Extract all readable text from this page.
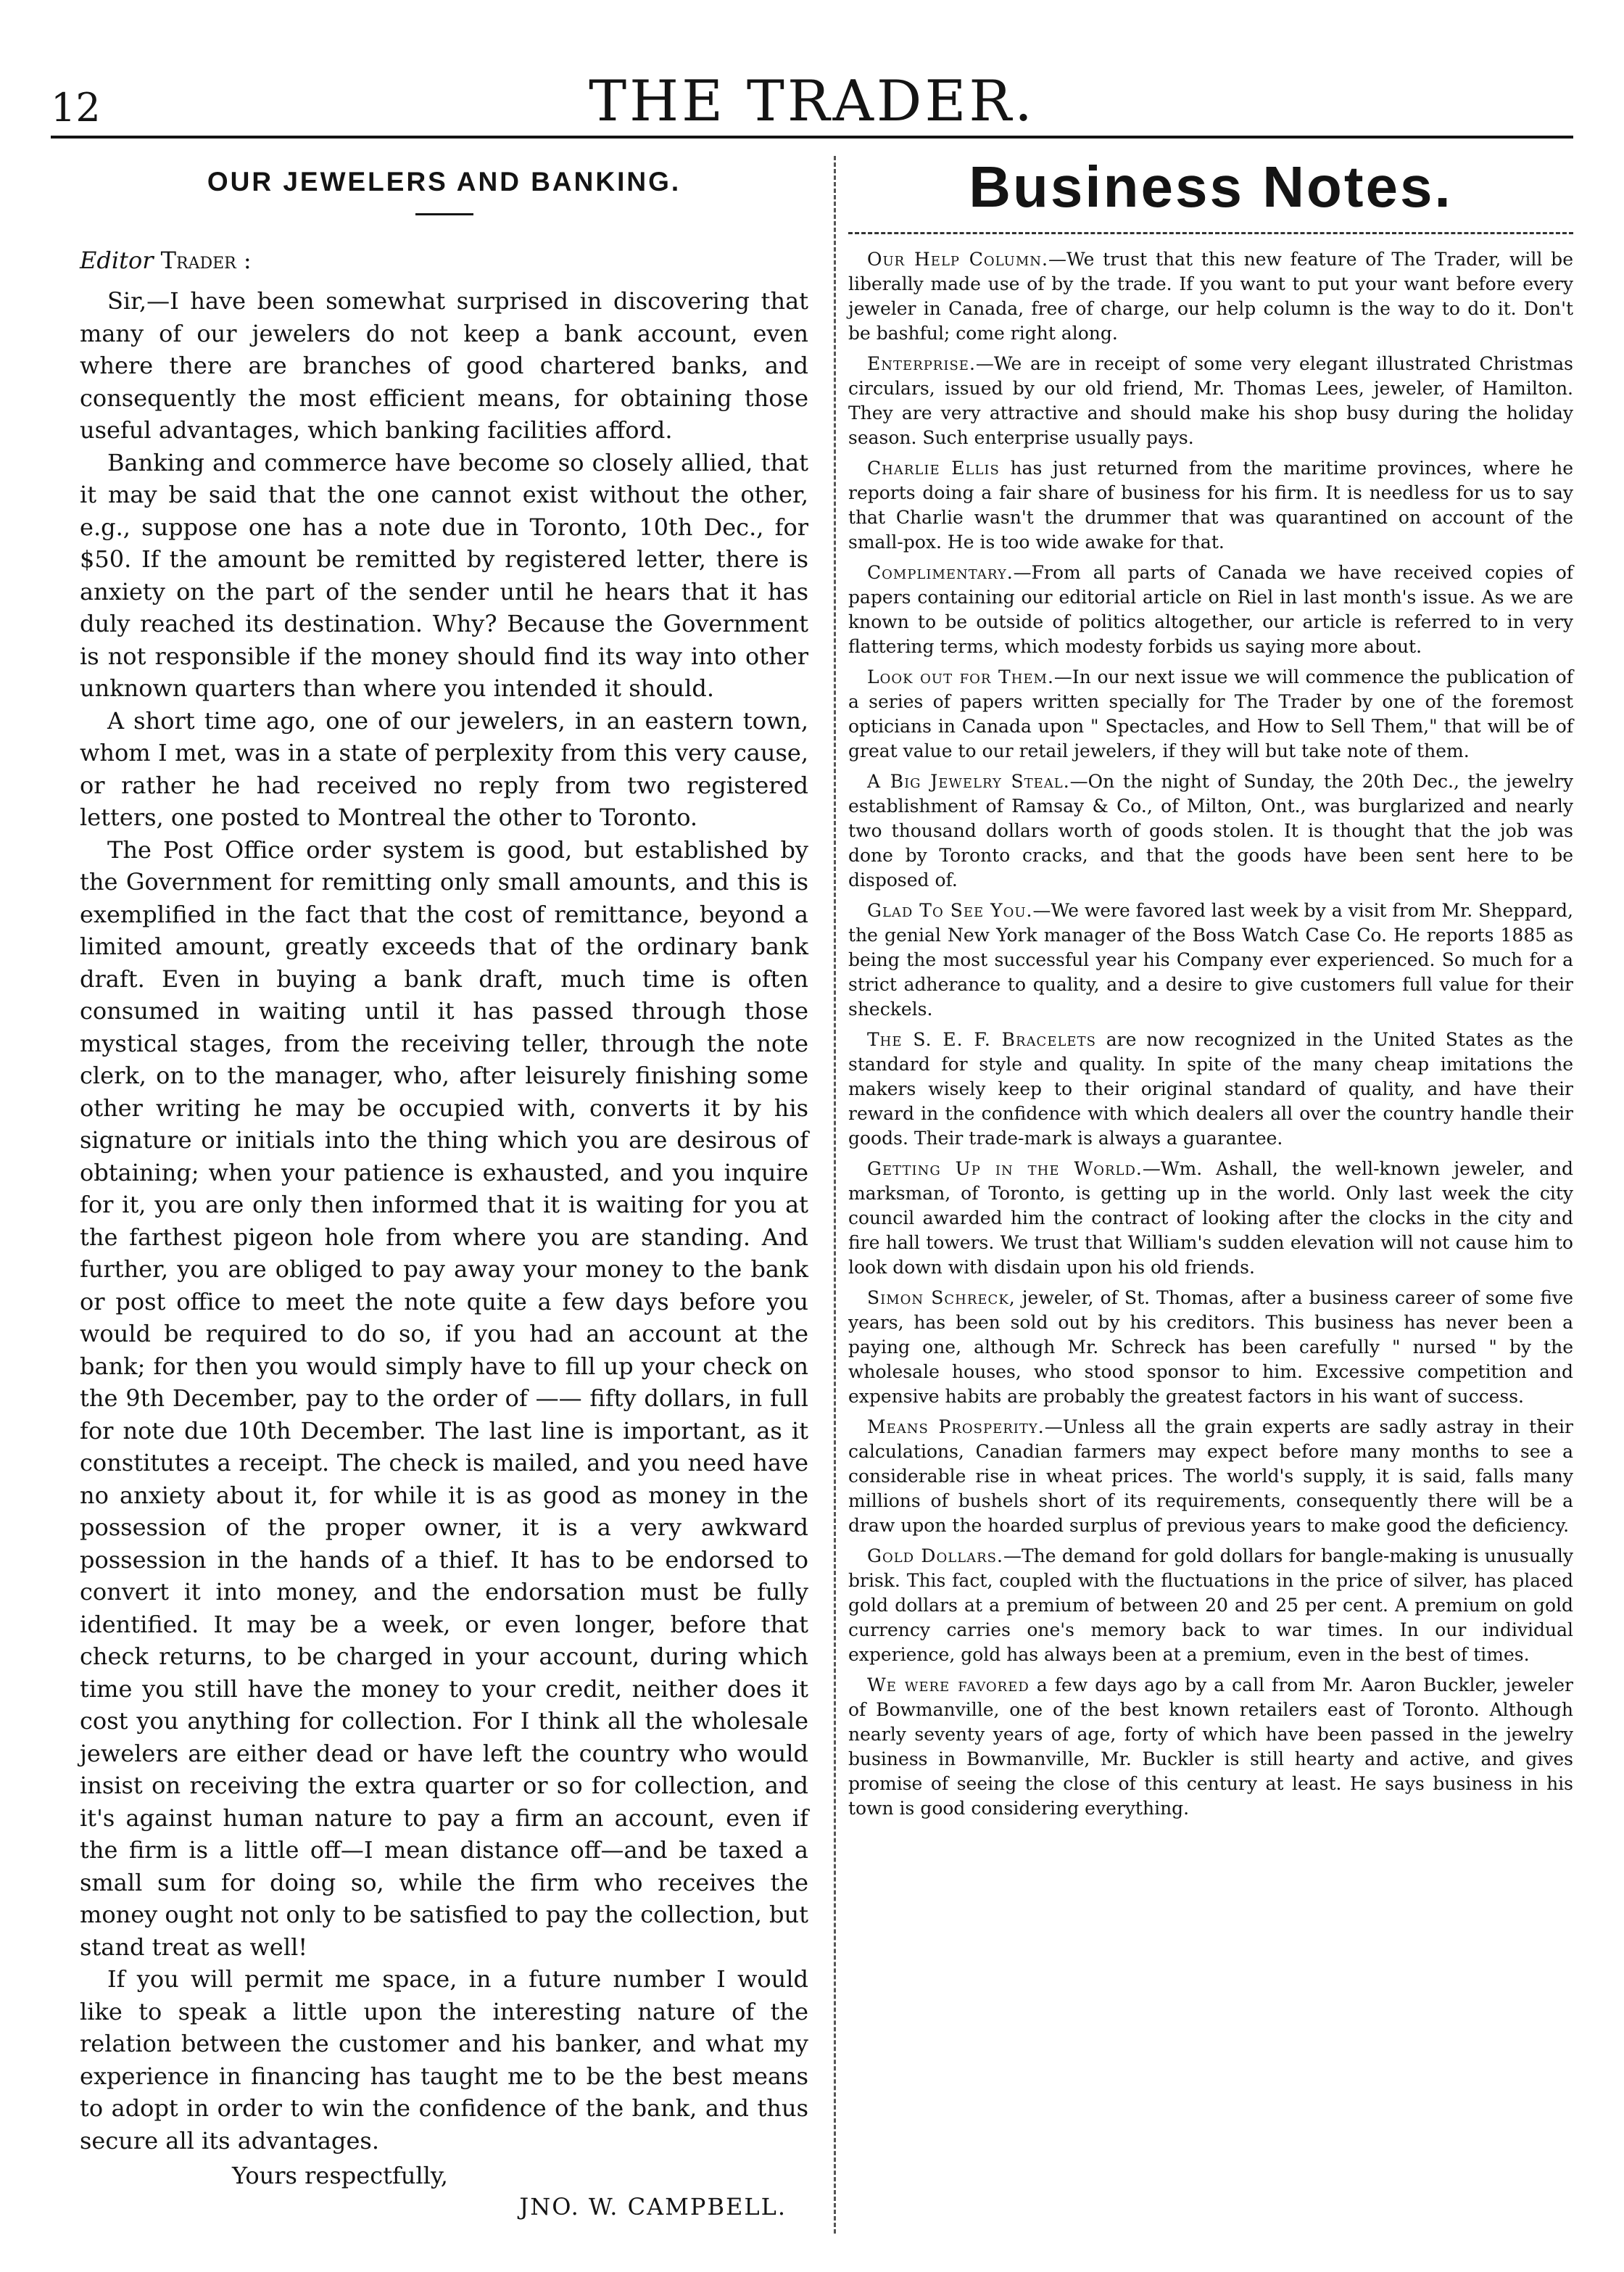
12	THE TRADER.
OUR JEWELERS AND BANKING.
Editor Trader :

Sir,—I have been somewhat surprised in discovering that many of our jewelers do not keep a bank account, even where there are branches of good chartered banks, and consequently the most efficient means, for obtaining those useful advantages, which banking facilities afford.

Banking and commerce have become so closely allied, that it may be said that the one cannot exist without the other, e.g., suppose one has a note due in Toronto, 10th Dec., for $50. If the amount be remitted by registered letter, there is anxiety on the part of the sender until he hears that it has duly reached its destination. Why? Because the Government is not responsible if the money should find its way into other unknown quarters than where you intended it should.

A short time ago, one of our jewelers, in an eastern town, whom I met, was in a state of perplexity from this very cause, or rather he had received no reply from two registered letters, one posted to Montreal the other to Toronto.

The Post Office order system is good, but established by the Government for remitting only small amounts, and this is exemplified in the fact that the cost of remittance, beyond a limited amount, greatly exceeds that of the ordinary bank draft. Even in buying a bank draft, much time is often consumed in waiting until it has passed through those mystical stages, from the receiving teller, through the note clerk, on to the manager, who, after leisurely finishing some other writing he may be occupied with, converts it by his signature or initials into the thing which you are desirous of obtaining; when your patience is exhausted, and you inquire for it, you are only then informed that it is waiting for you at the farthest pigeon hole from where you are standing. And further, you are obliged to pay away your money to the bank or post office to meet the note quite a few days before you would be required to do so, if you had an account at the bank; for then you would simply have to fill up your check on the 9th December, pay to the order of —— fifty dollars, in full for note due 10th December. The last line is important, as it constitutes a receipt. The check is mailed, and you need have no anxiety about it, for while it is as good as money in the possession of the proper owner, it is a very awkward possession in the hands of a thief. It has to be endorsed to convert it into money, and the endorsation must be fully identified. It may be a week, or even longer, before that check returns, to be charged in your account, during which time you still have the money to your credit, neither does it cost you anything for collection. For I think all the wholesale jewelers are either dead or have left the country who would insist on receiving the extra quarter or so for collection, and it's against human nature to pay a firm an account, even if the firm is a little off—I mean distance off—and be taxed a small sum for doing so, while the firm who receives the money ought not only to be satisfied to pay the collection, but stand treat as well!

If you will permit me space, in a future number I would like to speak a little upon the interesting nature of the relation between the customer and his banker, and what my experience in financing has taught me to be the best means to adopt in order to win the confidence of the bank, and thus secure all its advantages.

Yours respectfully,
JNO. W. CAMPBELL.
Business Notes.

Our Help Column.—We trust that this new feature of The Trader, will be liberally made use of by the trade. If you want to put your want before every jeweler in Canada, free of charge, our help column is the way to do it. Don't be bashful; come right along.

Enterprise.—We are in receipt of some very elegant illustrated Christmas circulars, issued by our old friend, Mr. Thomas Lees, jeweler, of Hamilton. They are very attractive and should make his shop busy during the holiday season. Such enterprise usually pays.

Charlie Ellis has just returned from the maritime provinces, where he reports doing a fair share of business for his firm. It is needless for us to say that Charlie wasn't the drummer that was quarantined on account of the small-pox. He is too wide awake for that.

Complimentary.—From all parts of Canada we have received copies of papers containing our editorial article on Riel in last month's issue. As we are known to be outside of politics altogether, our article is referred to in very flattering terms, which modesty forbids us saying more about.

Look out for Them.—In our next issue we will commence the publication of a series of papers written specially for The Trader by one of the foremost opticians in Canada upon " Spectacles, and How to Sell Them," that will be of great value to our retail jewelers, if they will but take note of them.

A Big Jewelry Steal.—On the night of Sunday, the 20th Dec., the jewelry establishment of Ramsay & Co., of Milton, Ont., was burglarized and nearly two thousand dollars worth of goods stolen. It is thought that the job was done by Toronto cracks, and that the goods have been sent here to be disposed of.

Glad To See You.—We were favored last week by a visit from Mr. Sheppard, the genial New York manager of the Boss Watch Case Co. He reports 1885 as being the most successful year his Company ever experienced. So much for a strict adherance to quality, and a desire to give customers full value for their sheckels.

The S. E. F. Bracelets are now recognized in the United States as the standard for style and quality. In spite of the many cheap imitations the makers wisely keep to their original standard of quality, and have their reward in the confidence with which dealers all over the country handle their goods. Their trade-mark is always a guarantee.

Getting Up in the World.—Wm. Ashall, the well-known jeweler, and marksman, of Toronto, is getting up in the world. Only last week the city council awarded him the contract of looking after the clocks in the city and fire hall towers. We trust that William's sudden elevation will not cause him to look down with disdain upon his old friends.

Simon Schreck, jeweler, of St. Thomas, after a business career of some five years, has been sold out by his creditors. This business has never been a paying one, although Mr. Schreck has been carefully " nursed " by the wholesale houses, who stood sponsor to him. Excessive competition and expensive habits are probably the greatest factors in his want of success.

Means Prosperity.—Unless all the grain experts are sadly astray in their calculations, Canadian farmers may expect before many months to see a considerable rise in wheat prices. The world's supply, it is said, falls many millions of bushels short of its requirements, consequently there will be a draw upon the hoarded surplus of previous years to make good the deficiency.

Gold Dollars.—The demand for gold dollars for bangle-making is unusually brisk. This fact, coupled with the fluctuations in the price of silver, has placed gold dollars at a premium of between 20 and 25 per cent. A premium on gold currency carries one's memory back to war times. In our individual experience, gold has always been at a premium, even in the best of times.

We were favored a few days ago by a call from Mr. Aaron Buckler, jeweler of Bowmanville, one of the best known retailers east of Toronto. Although nearly seventy years of age, forty of which have been passed in the jewelry business in Bowmanville, Mr. Buckler is still hearty and active, and gives promise of seeing the close of this century at least. He says business in his town is good considering everything.
